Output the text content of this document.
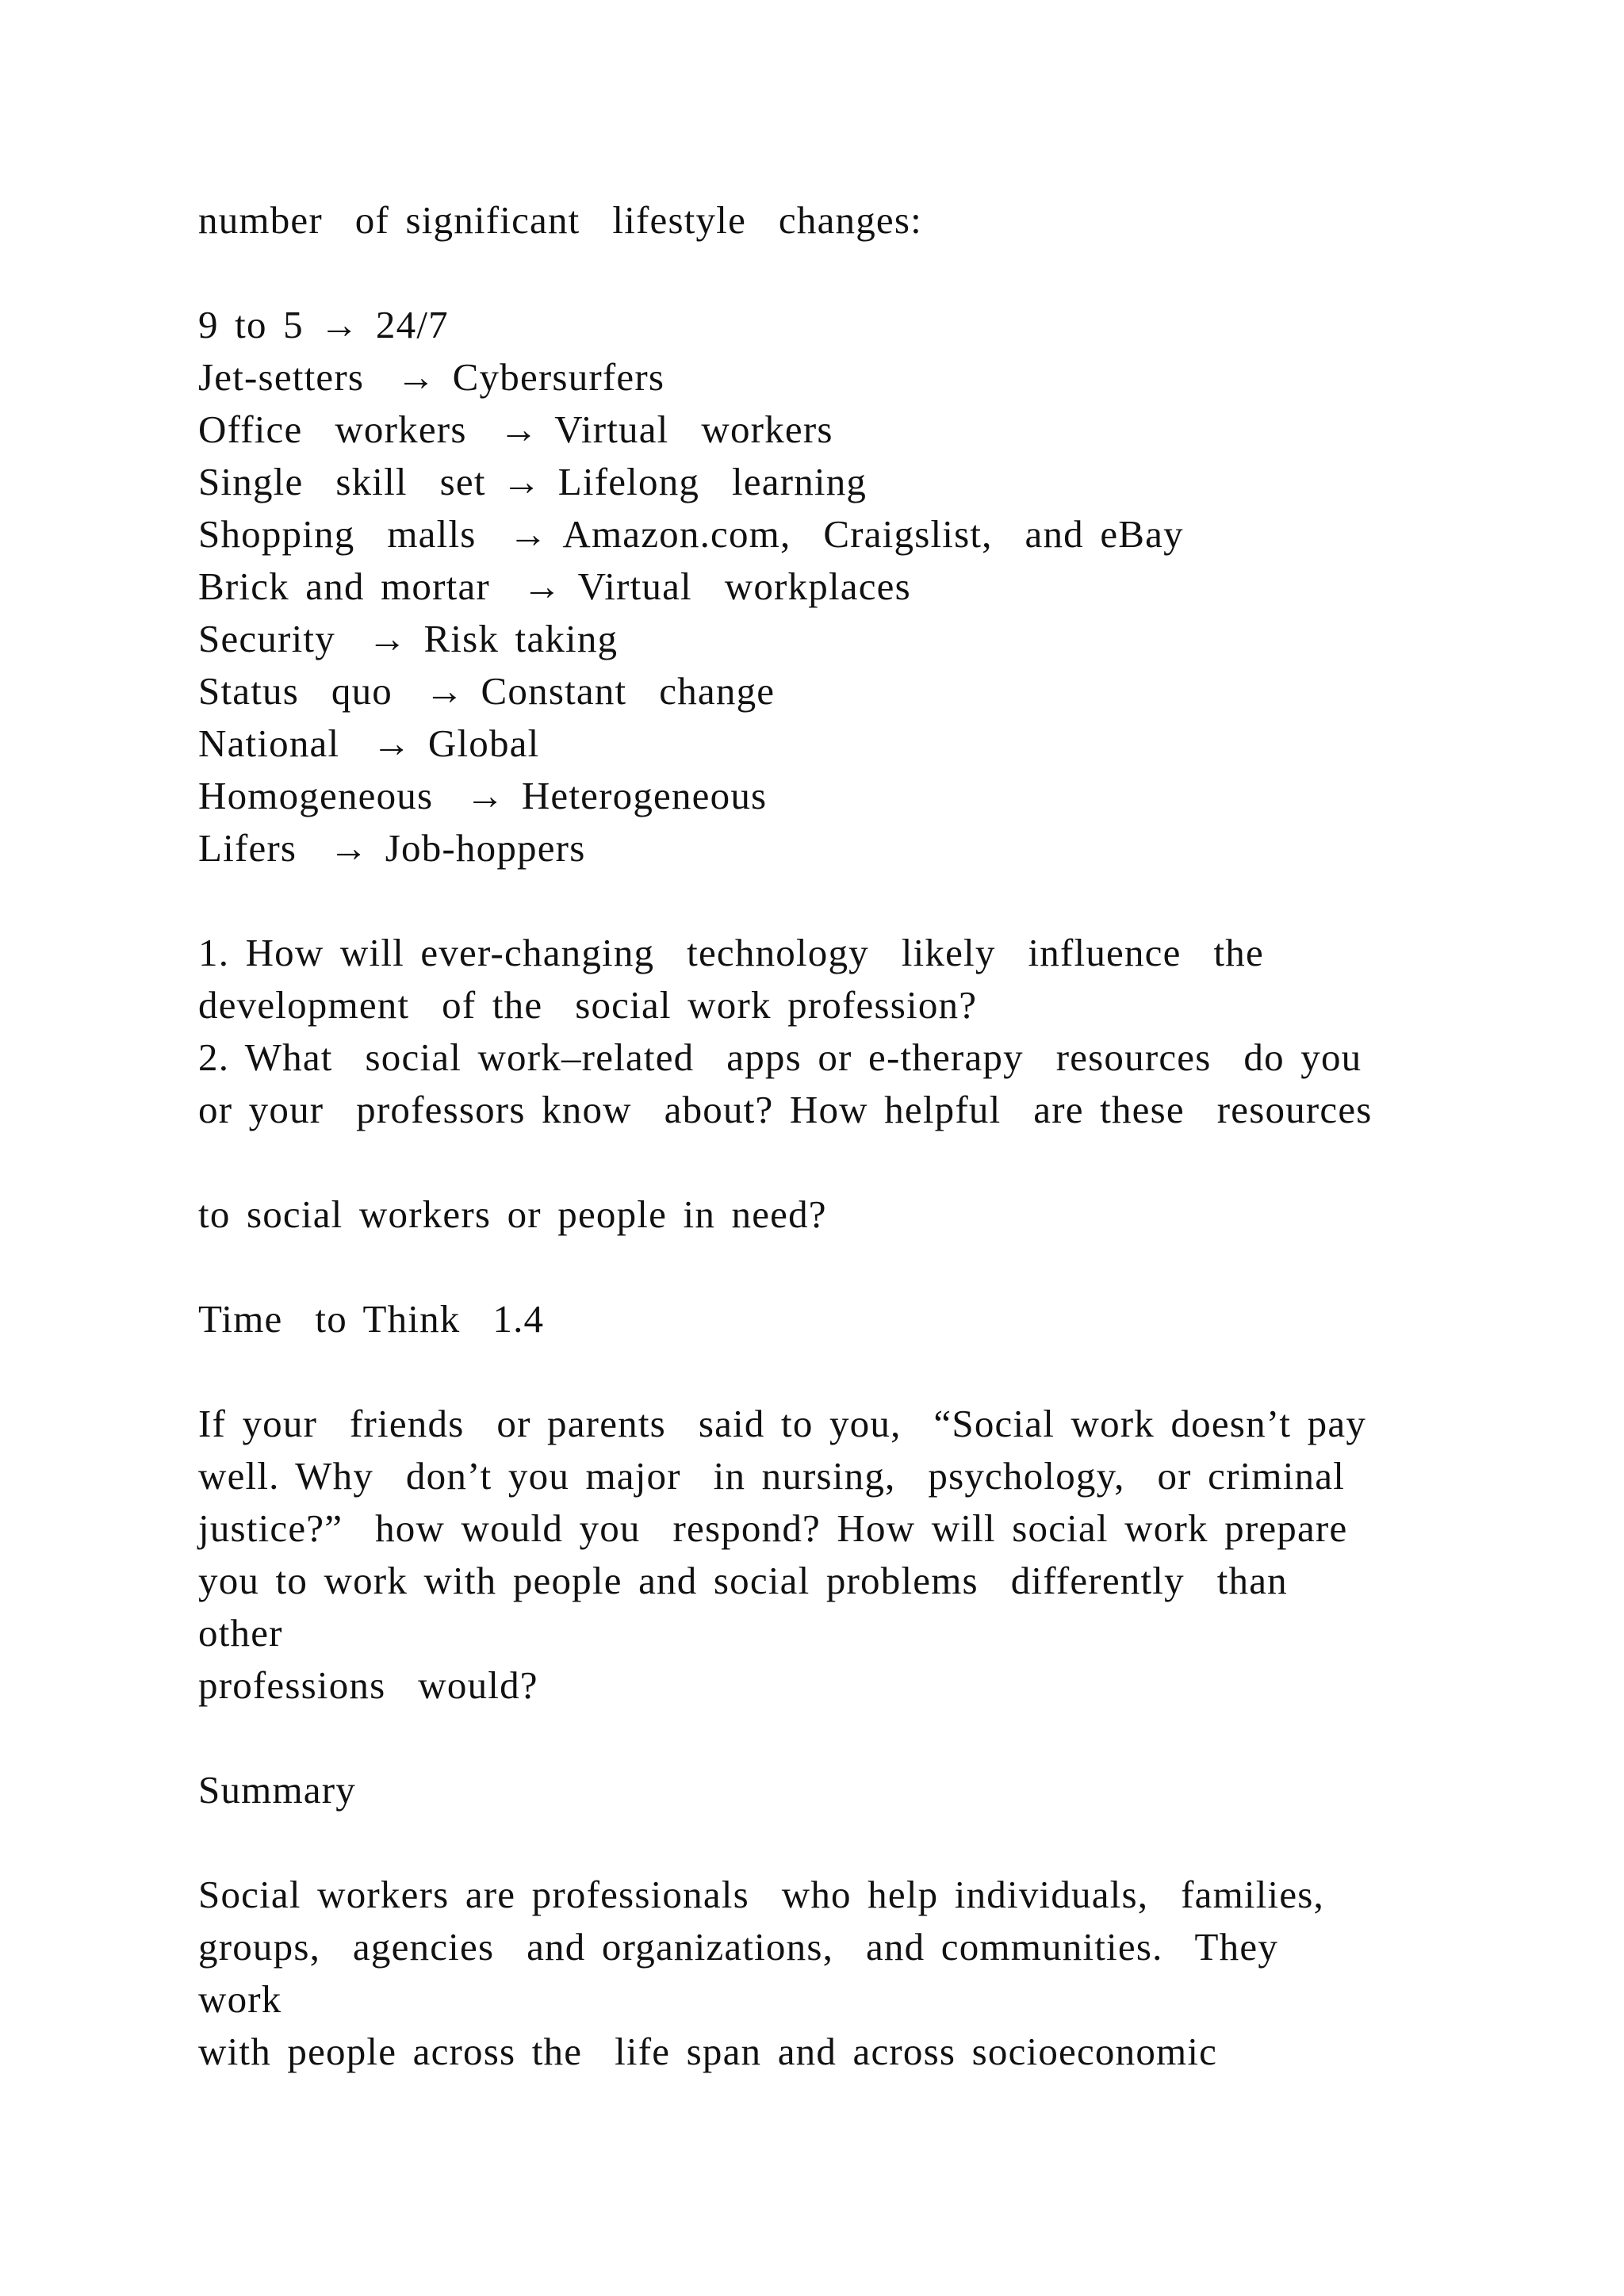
number  of significant  lifestyle  changes:

9 to 5 → 24/7

Jet-setters  → Cybersurfers

Office  workers  → Virtual  workers

Single  skill  set → Lifelong  learning

Shopping  malls  → Amazon.com,  Craigslist,  and eBay

Brick and mortar  → Virtual  workplaces

Security  → Risk taking

Status  quo  → Constant  change

National  → Global

Homogeneous  → Heterogeneous

Lifers  → Job-hoppers

1. How will ever-changing  technology  likely  influence  the

development  of the  social work profession?

2. What  social work–related  apps or e-therapy  resources  do you

or your  professors know  about? How helpful  are these  resources

to social workers or people in need?

Time  to Think  1.4

If your  friends  or parents  said to you,  “Social work doesn’t pay

well. Why  don’t you major  in nursing,  psychology,  or criminal

justice?”  how would you  respond? How will social work prepare

you to work with people and social problems  differently  than

other

professions  would?

Summary

Social workers are professionals  who help individuals,  families,

groups,  agencies  and organizations,  and communities.  They

work

with people across the  life span and across socioeconomic
